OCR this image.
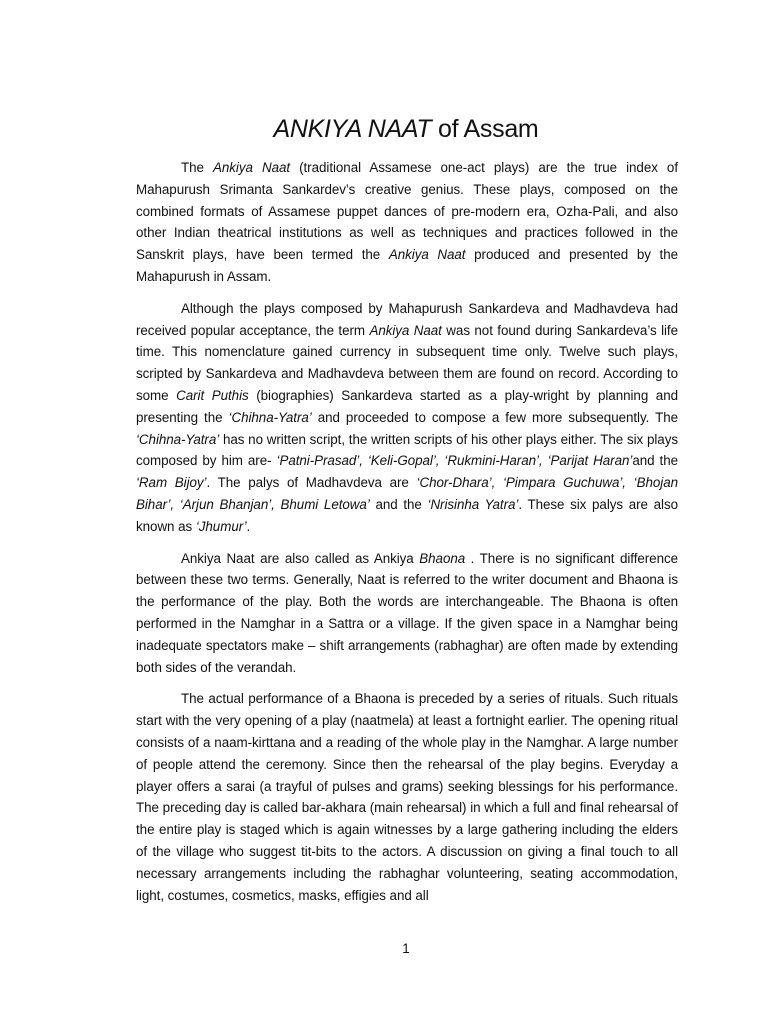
ANKIYA NAAT of Assam

The Ankiya Naat (traditional Assamese one-act plays) are the true index of Mahapurush Srimanta Sankardev’s creative genius. These plays, composed on the combined formats of Assamese puppet dances of pre-modern era, Ozha-Pali, and also other Indian theatrical institutions as well as techniques and practices followed in the Sanskrit plays, have been termed the Ankiya Naat produced and presented by the Mahapurush in Assam.

Although the plays composed by Mahapurush Sankardeva and Madhavdeva had received popular acceptance, the term Ankiya Naat was not found during Sankardeva’s life time. This nomenclature gained currency in subsequent time only. Twelve such plays, scripted by Sankardeva and Madhavdeva between them are found on record. According to some Carit Puthis (biographies) Sankardeva started as a play-wright by planning and presenting the ‘Chihna-Yatra’ and proceeded to compose a few more subsequently. The ‘Chihna-Yatra’ has no written script, the written scripts of his other plays either. The six plays composed by him are- ‘Patni-Prasad’, ‘Keli-Gopal’, ‘Rukmini-Haran’, ‘Parijat Haran’and the ‘Ram Bijoy’. The palys of Madhavdeva are ‘Chor-Dhara’, ‘Pimpara Guchuwa’, ‘Bhojan Bihar’, ‘Arjun Bhanjan’, Bhumi Letowa’ and the ‘Nrisinha Yatra’. These six palys are also known as ‘Jhumur’.

Ankiya Naat are also called as Ankiya Bhaona . There is no significant difference between these two terms. Generally, Naat is referred to the writer document and Bhaona is the performance of the play. Both the words are interchangeable. The Bhaona is often performed in the Namghar in a Sattra or a village. If the given space in a Namghar being inadequate spectators make – shift arrangements (rabhaghar) are often made by extending both sides of the verandah.

The actual performance of a Bhaona is preceded by a series of rituals. Such rituals start with the very opening of a play (naatmela) at least a fortnight earlier. The opening ritual consists of a naam-kirttana and a reading of the whole play in the Namghar. A large number of people attend the ceremony. Since then the rehearsal of the play begins. Everyday a player offers a sarai (a trayful of pulses and grams) seeking blessings for his performance. The preceding day is called bar-akhara (main rehearsal) in which a full and final rehearsal of the entire play is staged which is again witnesses by a large gathering including the elders of the village who suggest tit-bits to the actors. A discussion on giving a final touch to all necessary arrangements including the rabhaghar volunteering, seating accommodation, light, costumes, cosmetics, masks, effigies and all

1
